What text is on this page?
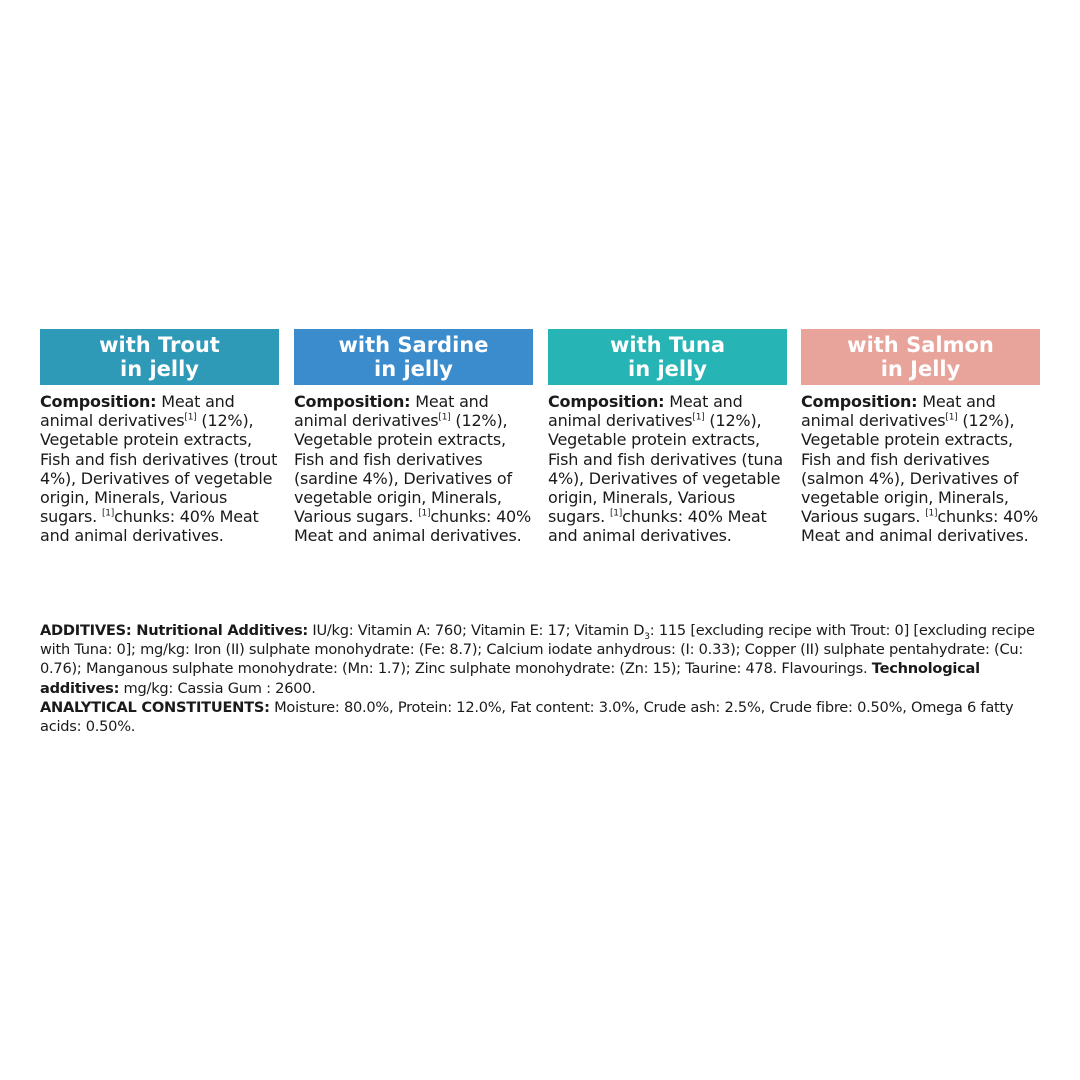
with Trout
in jelly
Composition: Meat and animal derivatives[1] (12%), Vegetable protein extracts, Fish and fish derivatives (trout 4%), Derivatives of vegetable origin, Minerals, Various sugars. [1]chunks: 40% Meat and animal derivatives.
with Sardine
in jelly
Composition: Meat and animal derivatives[1] (12%), Vegetable protein extracts, Fish and fish derivatives (sardine 4%), Derivatives of vegetable origin, Minerals, Various sugars. [1]chunks: 40% Meat and animal derivatives.
with Tuna
in jelly
Composition: Meat and animal derivatives[1] (12%), Vegetable protein extracts, Fish and fish derivatives (tuna 4%), Derivatives of vegetable origin, Minerals, Various sugars. [1]chunks: 40% Meat and animal derivatives.
with Salmon
in Jelly
Composition: Meat and animal derivatives[1] (12%), Vegetable protein extracts, Fish and fish derivatives (salmon 4%), Derivatives of vegetable origin, Minerals, Various sugars. [1]chunks: 40% Meat and animal derivatives.
ADDITIVES: Nutritional Additives: IU/kg: Vitamin A: 760; Vitamin E: 17; Vitamin $D_3$: 115 [excluding recipe with Trout: 0] [excluding recipe with Tuna: 0]; mg/kg: Iron (II) sulphate monohydrate: (Fe: 8.7); Calcium iodate anhydrous: (I: 0.33); Copper (II) sulphate pentahydrate: (Cu: 0.76); Manganous sulphate monohydrate: (Mn: 1.7); Zinc sulphate monohydrate: (Zn: 15); Taurine: 478. Flavourings. Technological additives: mg/kg: Cassia Gum : 2600.
ANALYTICAL CONSTITUENTS: Moisture: 80.0%, Protein: 12.0%, Fat content: 3.0%, Crude ash: 2.5%, Crude fibre: 0.50%, Omega 6 fatty acids: 0.50%.
